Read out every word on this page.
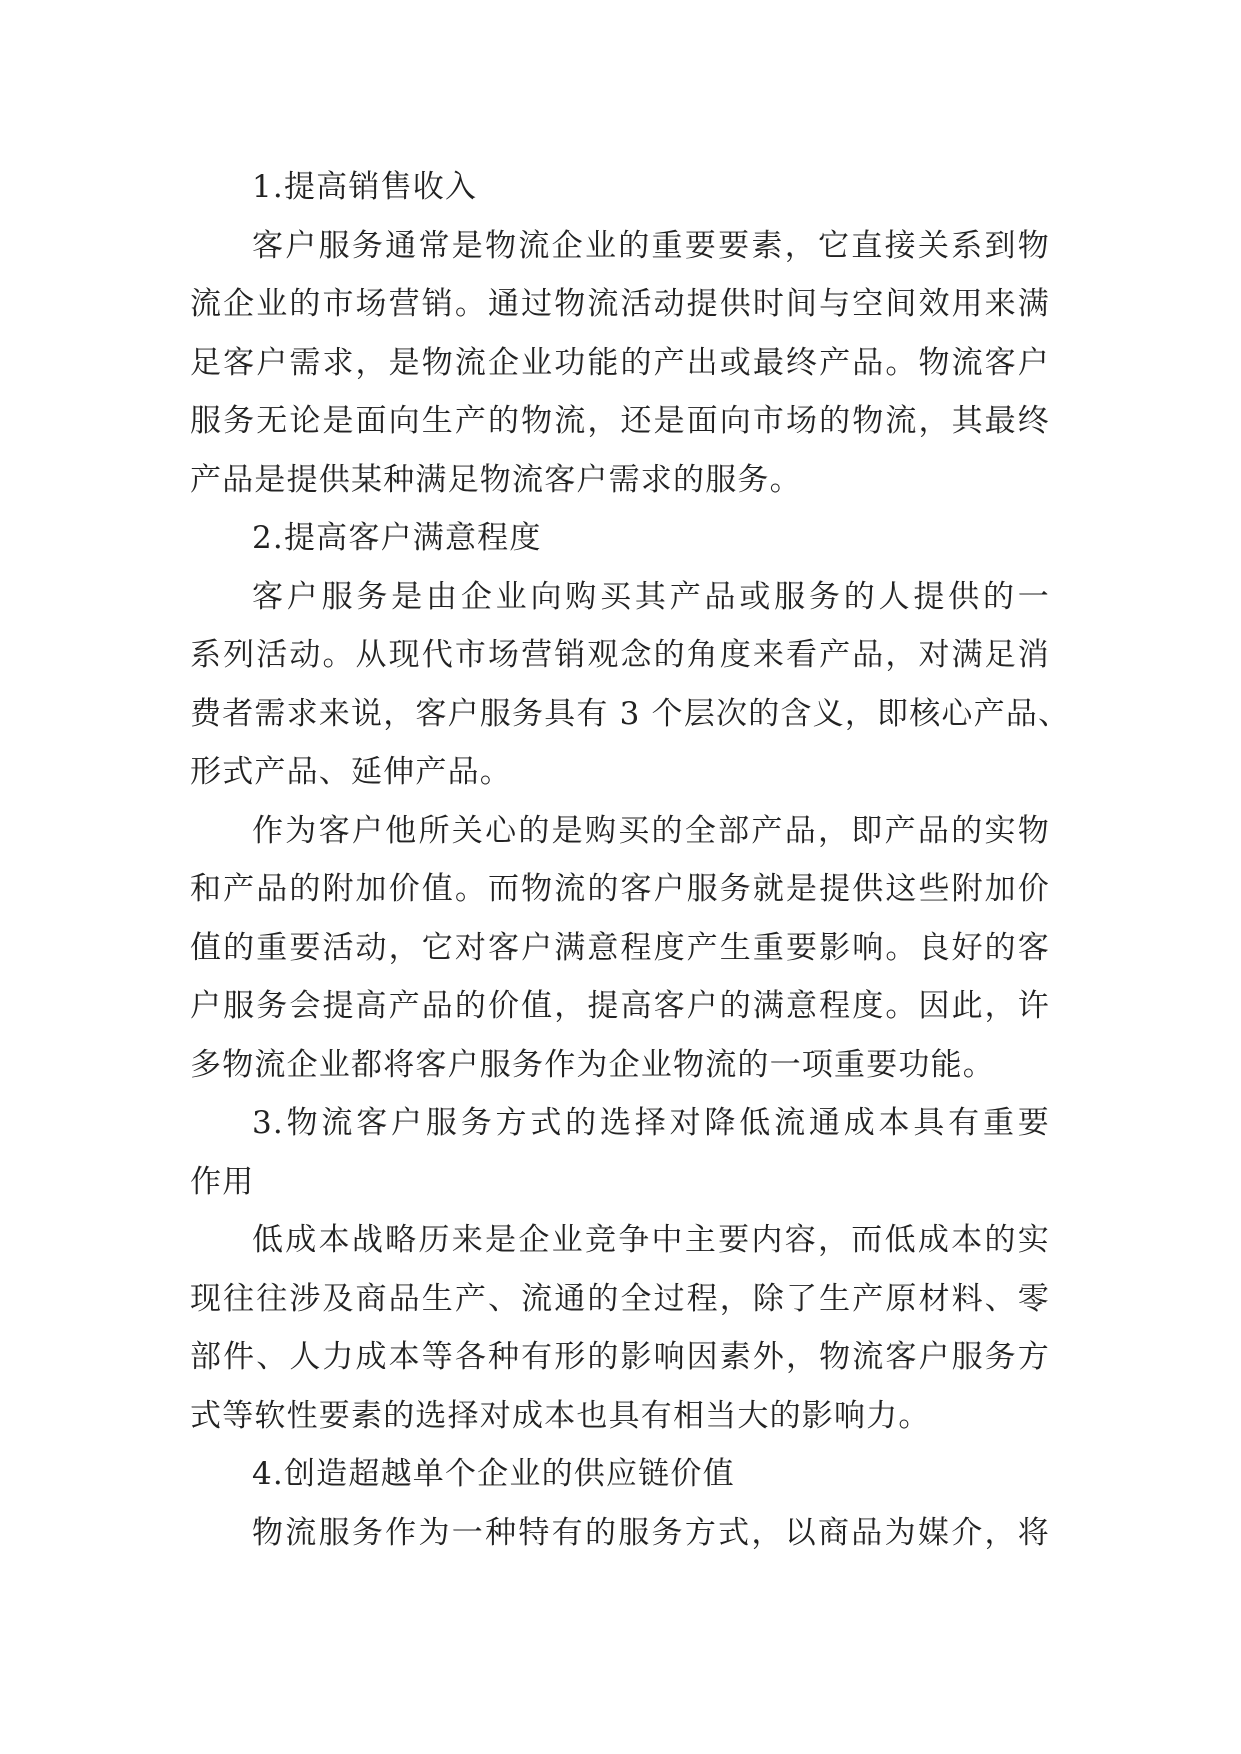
1.提高销售收入
客户服务通常是物流企业的重要要素，它直接关系到物
流企业的市场营销。通过物流活动提供时间与空间效用来满
足客户需求，是物流企业功能的产出或最终产品。物流客户
服务无论是面向生产的物流，还是面向市场的物流，其最终
产品是提供某种满足物流客户需求的服务。
2.提高客户满意程度
客户服务是由企业向购买其产品或服务的人提供的一
系列活动。从现代市场营销观念的角度来看产品，对满足消
费者需求来说，客户服务具有 3 个层次的含义，即核心产品、
形式产品、延伸产品。
作为客户他所关心的是购买的全部产品，即产品的实物
和产品的附加价值。而物流的客户服务就是提供这些附加价
值的重要活动，它对客户满意程度产生重要影响。良好的客
户服务会提高产品的价值，提高客户的满意程度。因此，许
多物流企业都将客户服务作为企业物流的一项重要功能。
3.物流客户服务方式的选择对降低流通成本具有重要
作用
低成本战略历来是企业竞争中主要内容，而低成本的实
现往往涉及商品生产、流通的全过程，除了生产原材料、零
部件、人力成本等各种有形的影响因素外，物流客户服务方
式等软性要素的选择对成本也具有相当大的影响力。
4.创造超越单个企业的供应链价值
物流服务作为一种特有的服务方式，以商品为媒介，将
